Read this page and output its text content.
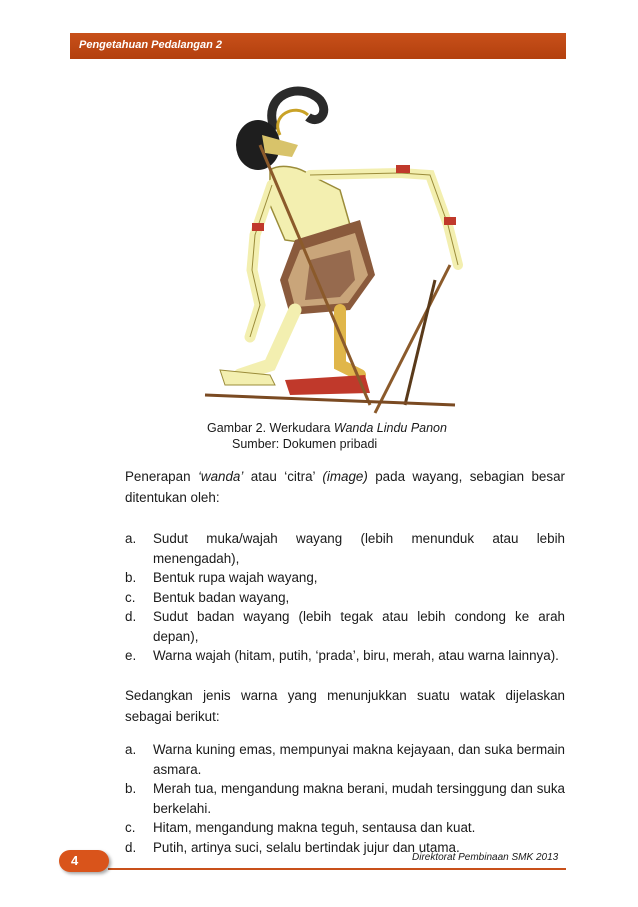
Pengetahuan Pedalangan 2
Gambar 2. Werkudara Wanda Lindu Panon
Sumber: Dokumen pribadi
Penerapan ‘wanda’ atau ‘citra’ (image) pada wayang, sebagian besar ditentukan oleh:
a. Sudut muka/wajah wayang (lebih menunduk atau lebih menengadah),
b. Bentuk rupa wajah wayang,
c. Bentuk badan wayang,
d. Sudut badan wayang (lebih tegak atau lebih condong ke arah depan),
e. Warna wajah (hitam, putih, ‘prada’, biru, merah, atau warna lainnya).
Sedangkan jenis warna yang menunjukkan suatu watak dijelaskan sebagai berikut:
a. Warna kuning emas, mempunyai makna kejayaan, dan suka bermain asmara.
b. Merah tua, mengandung makna berani, mudah tersinggung dan suka berkelahi.
c. Hitam, mengandung makna teguh, sentausa dan kuat.
d. Putih, artinya suci, selalu bertindak jujur dan utama.
4	Direktorat Pembinaan SMK 2013
